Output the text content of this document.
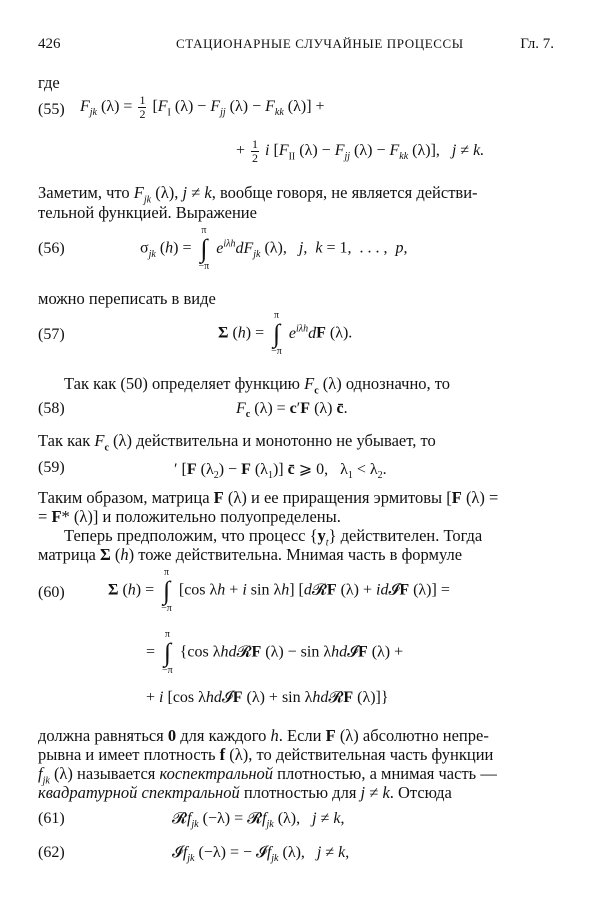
426	СТАЦИОНАРНЫЕ СЛУЧАЙНЫЕ ПРОЦЕССЫ	Гл. 7.
где
(55) $F_{jk}$ $(\lambda) = \frac{1}{2} [F_I$ $(\lambda) - F_{jj}$ $(\lambda) - F_{kk}$ (λ)] +
+ $\frac{1}{2}$ i [$F_{II}$ $(\lambda) - F_{jj}$ $(\lambda) - F_{kk}$ (λ)],   j ≠ k.
Заметим, что $F_{jk}$ (λ), j ≠ k, вообще говоря, не является действи-
тельной функцией. Выражение
(56)	$\sigma_{jk}$ (h) =
π
∫
−π
$e^{i\lambda h}dF_{jk}$ (λ),   j,  k = 1,  . . . ,  p,
можно переписать в виде
(57)	Σ (h) =
π
∫
−π
$e^{i\lambda h}dF$ (λ).
Так как (50) определяет функцию $F_c$ (λ) однозначно, то
(58)	$F_c$ (λ) = c′F (λ) c̄.
Так как $F_c$ (λ) действительна и монотонно не убывает, то
(59)	′ [F $(\lambda_2) - F$ $(\lambda_1)$] c̄ ⩾ 0,   $\lambda_1 < \lambda_2$.
Таким образом, матрица F (λ) и ее приращения эрмитовы [F (λ) =
= F* (λ)] и положительно полуопределены.
Теперь предположим, что процесс $\{y_t\}$ действителен. Тогда
матрица Σ (h) тоже действительна. Мнимая часть в формуле
(60)	Σ (h) =
π
∫
−π
[cos λh + i sin λh] [d𝓡F (λ) + id𝓘F (λ)] =
=
π
∫
−π
{cos λhd𝓡F (λ) − sin λhd𝓘F (λ) +
+ i [cos λhd𝓘F (λ) + sin λhd𝓡F (λ)]}
должна равняться 0 для каждого h. Если F (λ) абсолютно непре-
рывна и имеет плотность f (λ), то действительная часть функции
$f_{jk}$ (λ) называется коспектральной плотностью, а мнимая часть —
квадратурной спектральной плотностью для j ≠ k. Отсюда
(61)	𝓡f$_{jk}$ (−λ) = 𝓡f$_{jk}$ (λ),   j ≠ k,
(62)	𝓘f$_{jk}$ (−λ) = − 𝓘f$_{jk}$ (λ),   j ≠ k,
